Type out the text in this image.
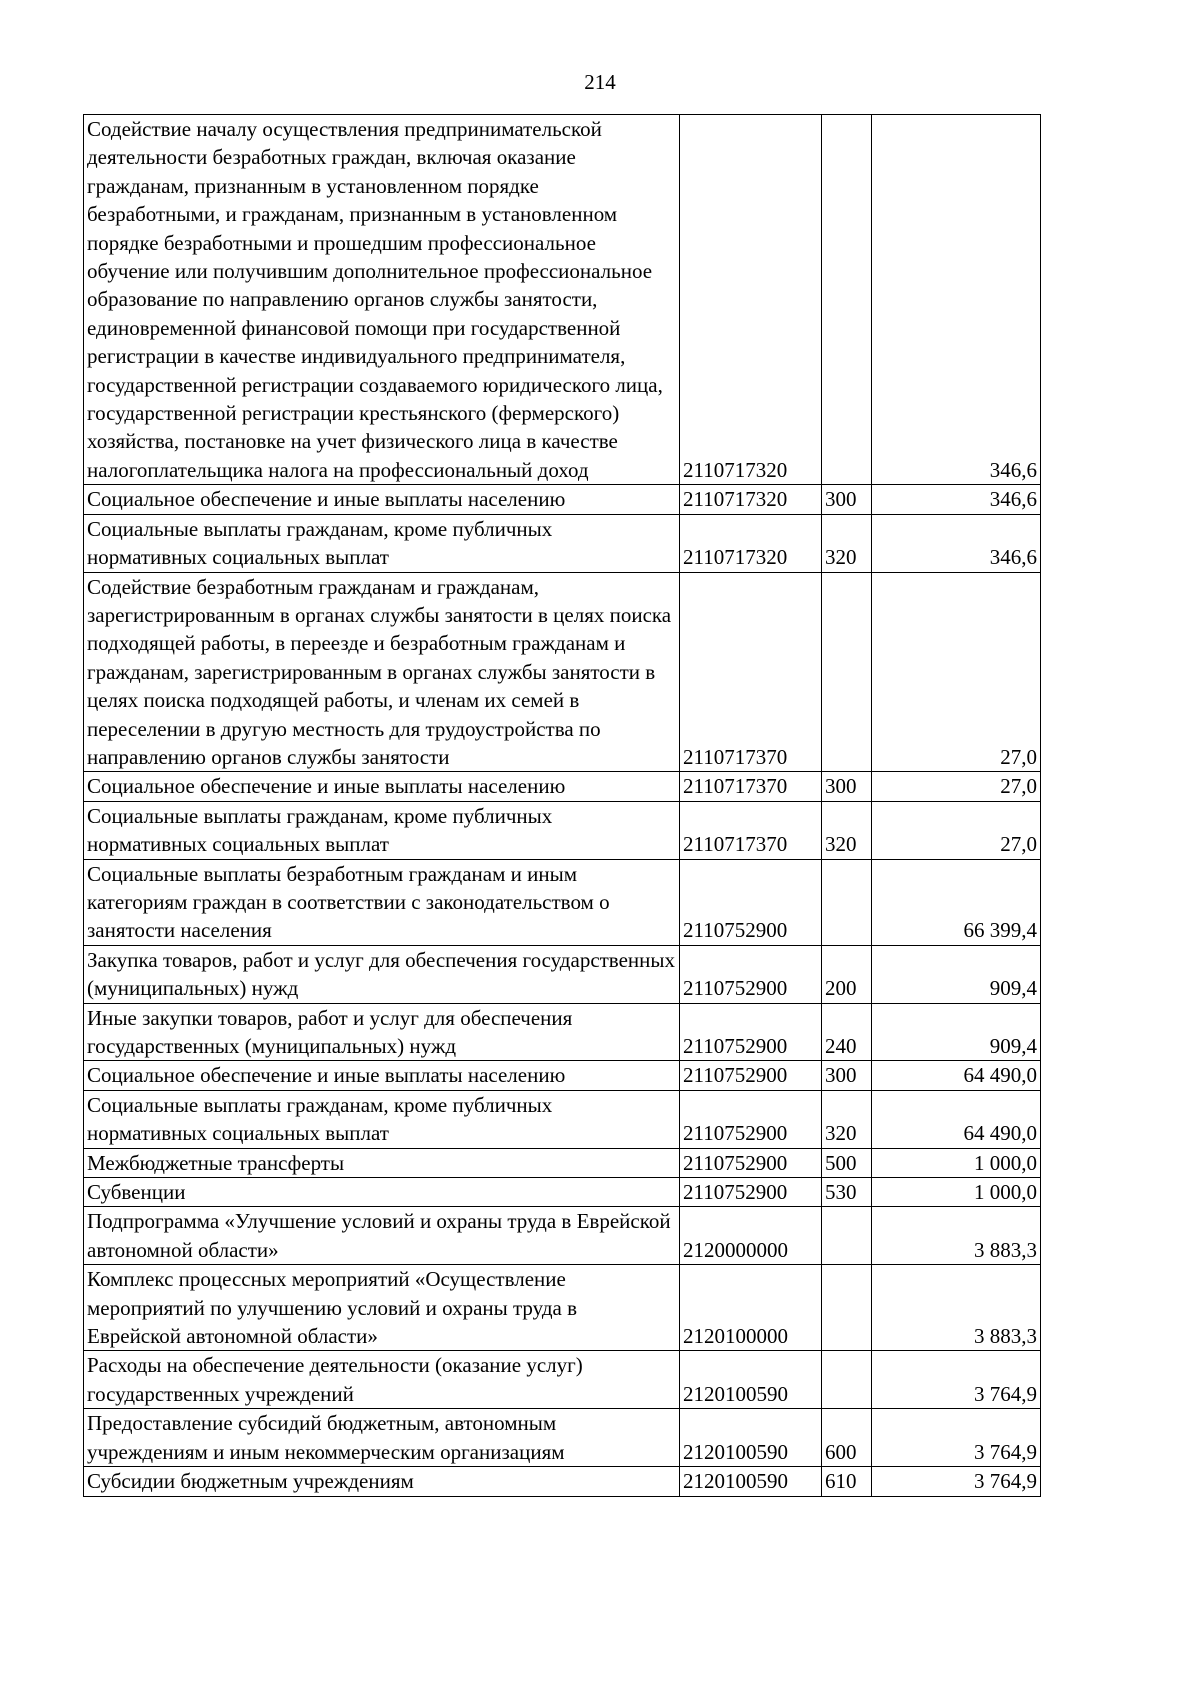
214
Содействие началу осуществления предпринимательской деятельности безработных граждан, включая оказание гражданам, признанным в установленном порядке безработными, и гражданам, признанным в установленном порядке безработными и прошедшим профессиональное обучение или получившим дополнительное профессиональное образование по направлению органов службы занятости, единовременной финансовой помощи при государственной регистрации в качестве индивидуального предпринимателя, государственной регистрации создаваемого юридического лица, государственной регистрации крестьянского (фермерского) хозяйства, постановке на учет физического лица в качестве налогоплательщика налога на профессиональный доход	2110717320		346,6
Социальное обеспечение и иные выплаты населению	2110717320	300	346,6
Социальные выплаты гражданам, кроме публичных нормативных социальных выплат	2110717320	320	346,6
Содействие безработным гражданам и гражданам, зарегистрированным в органах службы занятости в целях поиска подходящей работы, в переезде и безработным гражданам и гражданам, зарегистрированным в органах службы занятости в целях поиска подходящей работы, и членам их семей в переселении в другую местность для трудоустройства по направлению органов службы занятости	2110717370		27,0
Социальное обеспечение и иные выплаты населению	2110717370	300	27,0
Социальные выплаты гражданам, кроме публичных нормативных социальных выплат	2110717370	320	27,0
Социальные выплаты безработным гражданам и иным категориям граждан в соответствии с законодательством о занятости населения	2110752900		66 399,4
Закупка товаров, работ и услуг для обеспечения государственных (муниципальных) нужд	2110752900	200	909,4
Иные закупки товаров, работ и услуг для обеспечения государственных (муниципальных) нужд	2110752900	240	909,4
Социальное обеспечение и иные выплаты населению	2110752900	300	64 490,0
Социальные выплаты гражданам, кроме публичных нормативных социальных выплат	2110752900	320	64 490,0
Межбюджетные трансферты	2110752900	500	1 000,0
Субвенции	2110752900	530	1 000,0
Подпрограмма «Улучшение условий и охраны труда в Еврейской автономной области»	2120000000		3 883,3
Комплекс процессных мероприятий «Осуществление мероприятий по улучшению условий и охраны труда в Еврейской автономной области»	2120100000		3 883,3
Расходы на обеспечение деятельности (оказание услуг) государственных учреждений	2120100590		3 764,9
Предоставление субсидий бюджетным, автономным учреждениям и иным некоммерческим организациям	2120100590	600	3 764,9
Субсидии бюджетным учреждениям	2120100590	610	3 764,9
